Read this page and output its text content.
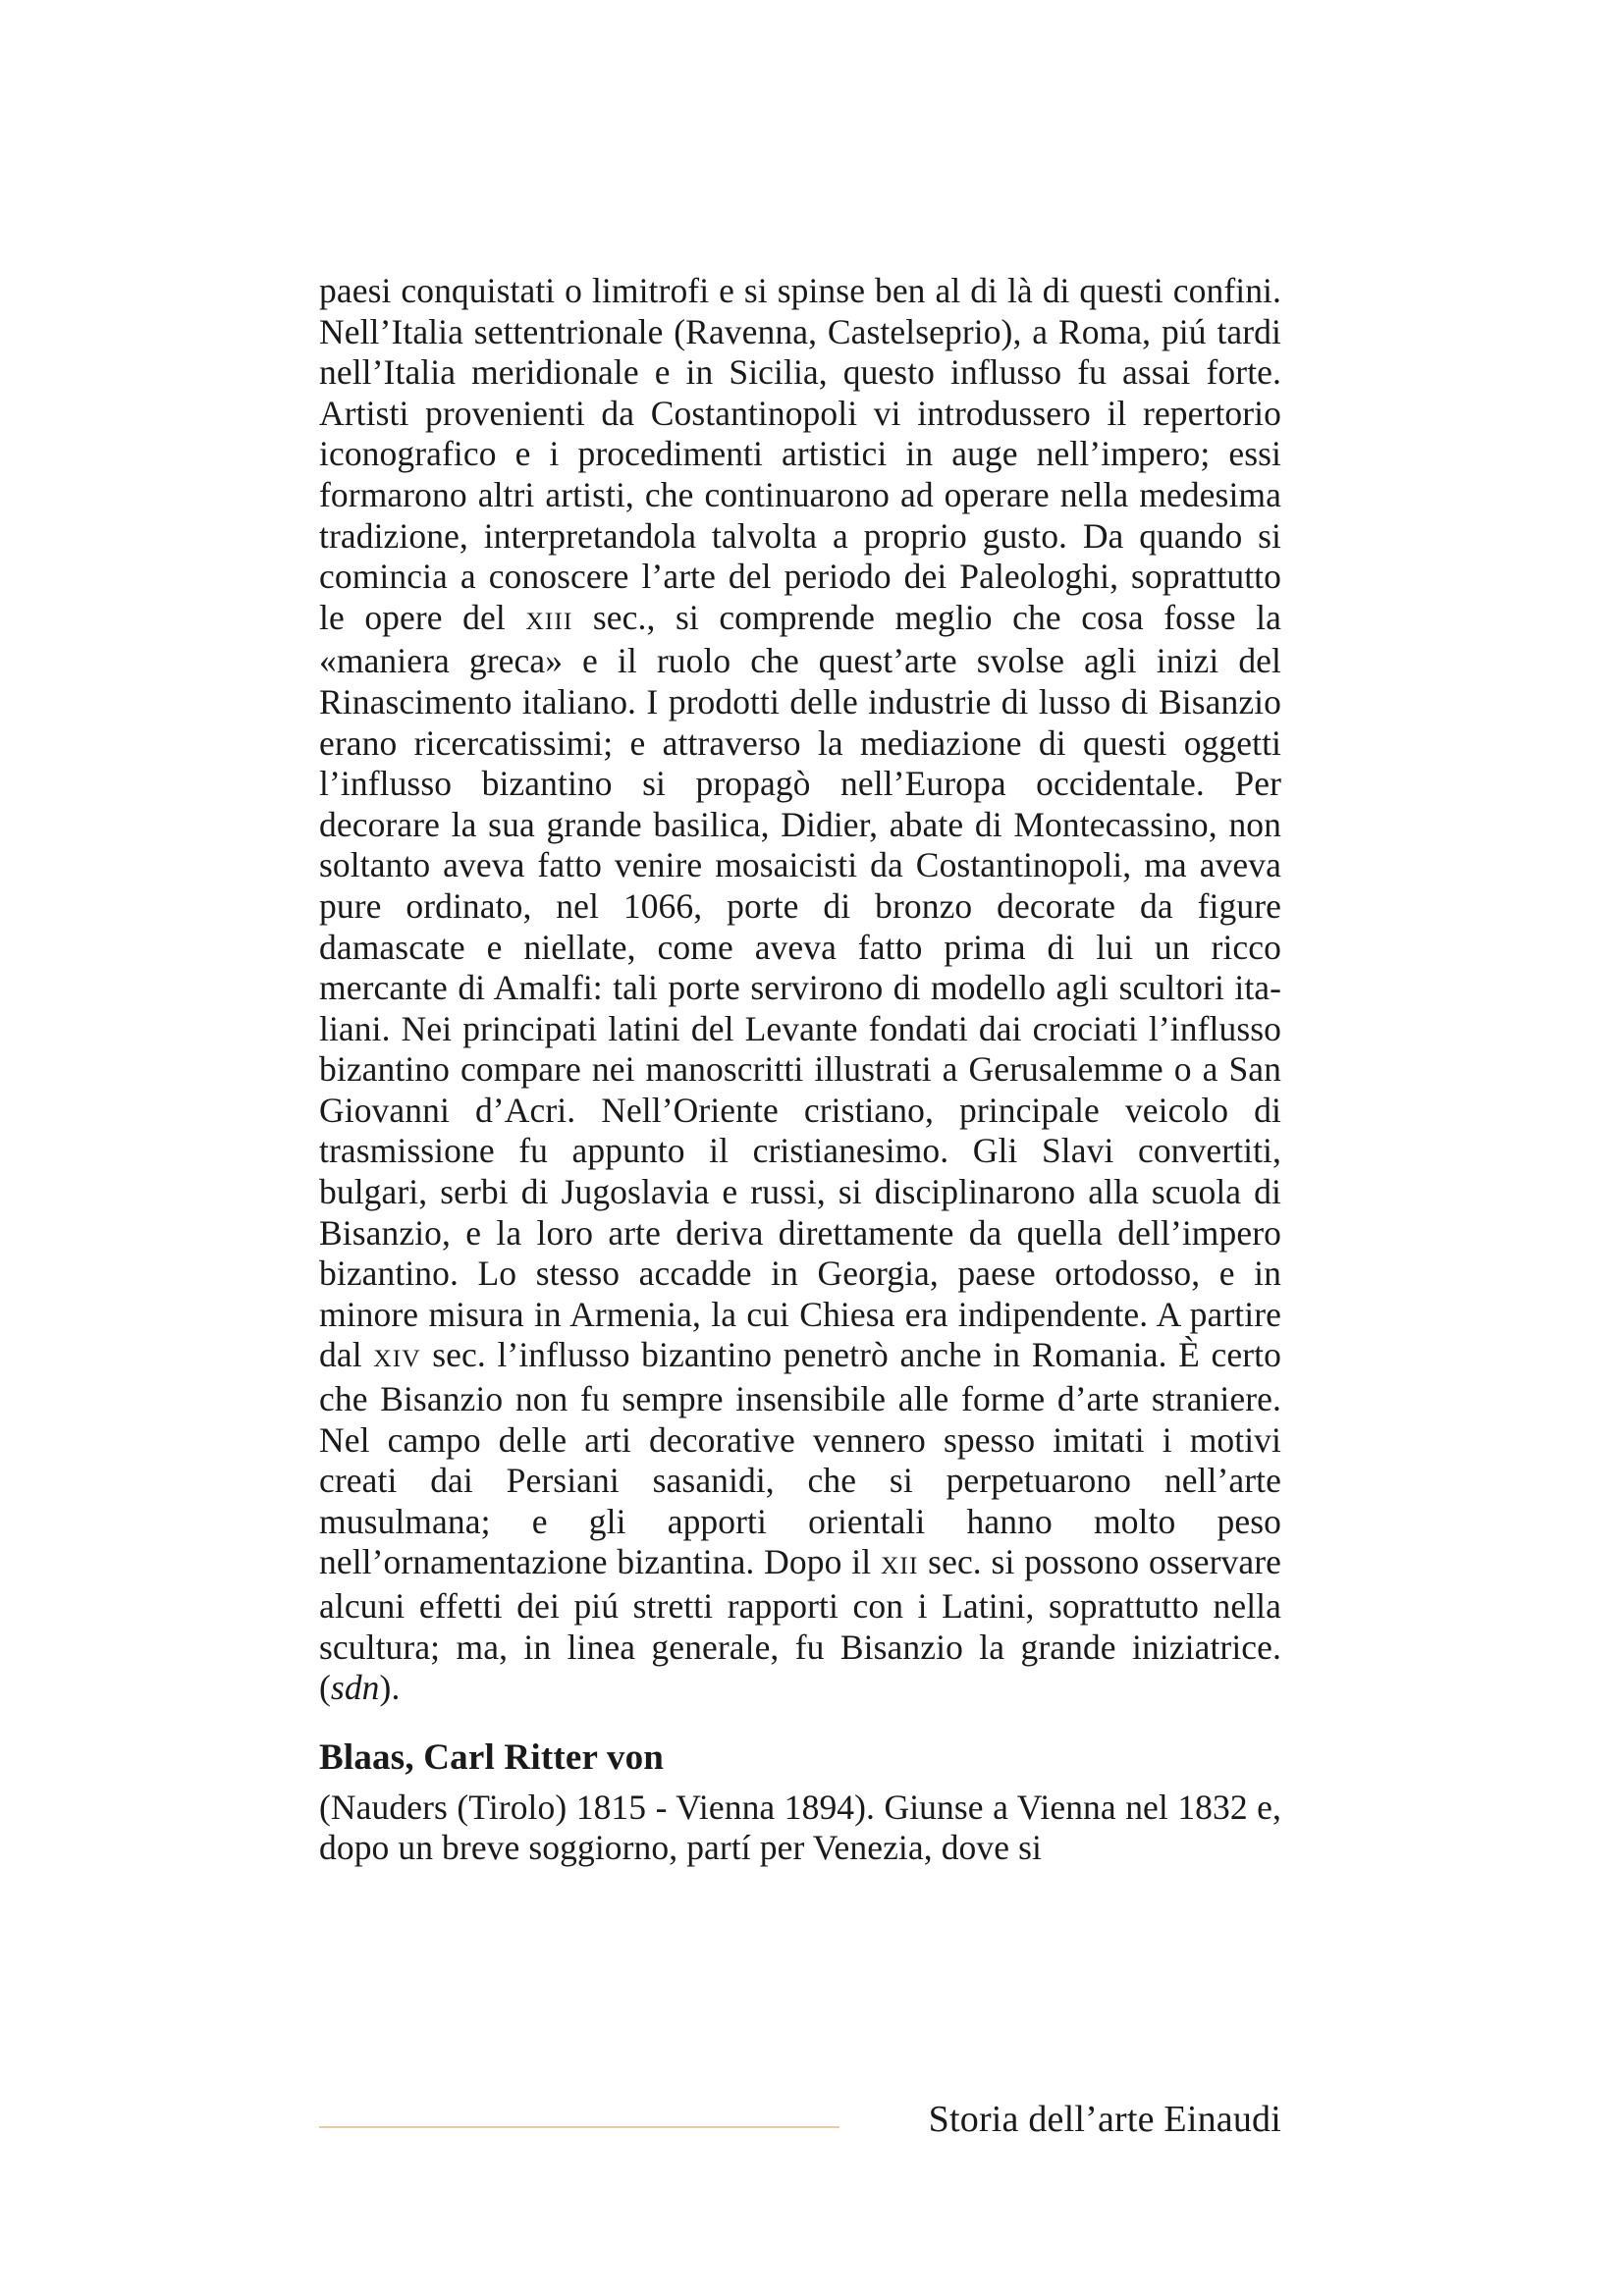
paesi conquistati o limitrofi e si spinse ben al di là di questi confini. Nell’Italia settentrionale (Ravenna, Castelseprio), a Roma, piú tardi nell’Italia meridionale e in Sicilia, questo influsso fu assai forte. Artisti provenienti da Costantinopoli vi introdussero il repertorio iconografico e i procedimenti artistici in auge nell’impero; essi formarono altri artisti, che continuarono ad operare nella medesima tradizione, interpretandola talvolta a proprio gusto. Da quando si comincia a conoscere l’arte del periodo dei Paleologhi, soprattutto le opere del XIII sec., si comprende meglio che cosa fosse la «maniera greca» e il ruolo che quest’arte svolse agli inizi del Rinascimento italiano. I prodotti delle industrie di lusso di Bisanzio erano ricercatissimi; e attraverso la mediazione di questi oggetti l’influsso bizantino si propagò nell’Europa occidentale. Per decorare la sua grande basilica, Didier, abate di Montecassino, non soltanto aveva fatto venire mosaicisti da Costantinopoli, ma aveva pure ordinato, nel 1066, porte di bronzo decorate da figure damascate e niellate, come aveva fatto prima di lui un ricco mercante di Amalfi: tali porte servirono di modello agli scultori italiani. Nei principati latini del Levante fondati dai crociati l’influsso bizantino compare nei manoscritti illustrati a Gerusalemme o a San Giovanni d’Acri. Nell’Oriente cristiano, principale veicolo di trasmissione fu appunto il cristianesimo. Gli Slavi convertiti, bulgari, serbi di Jugoslavia e russi, si disciplinarono alla scuola di Bisanzio, e la loro arte deriva direttamente da quella dell’impero bizantino. Lo stesso accadde in Georgia, paese ortodosso, e in minore misura in Armenia, la cui Chiesa era indipendente. A partire dal XIV sec. l’influsso bizantino penetrò anche in Romania. È certo che Bisanzio non fu sempre insensibile alle forme d’arte straniere. Nel campo delle arti decorative vennero spesso imitati i motivi creati dai Persiani sasanidi, che si perpetuarono nell’arte musulmana; e gli apporti orientali hanno molto peso nell’ornamentazione bizantina. Dopo il XII sec. si possono osservare alcuni effetti dei piú stretti rapporti con i Latini, soprattutto nella scultura; ma, in linea generale, fu Bisanzio la grande iniziatrice. (sdn).

Blaas, Carl Ritter von

(Nauders (Tirolo) 1815 - Vienna 1894). Giunse a Vienna nel 1832 e, dopo un breve soggiorno, partí per Venezia, dove si

Storia dell’arte Einaudi
